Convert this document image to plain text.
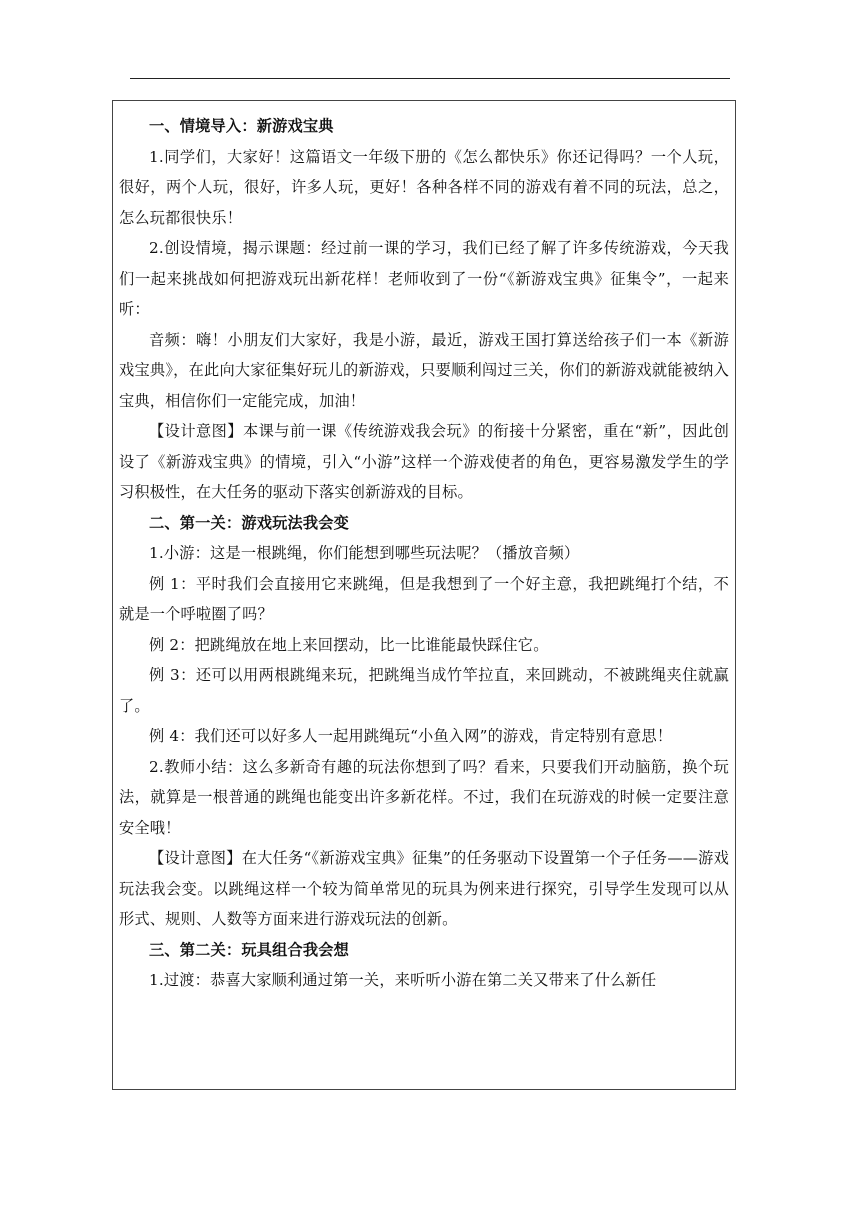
一、情境导入：新游戏宝典

1.同学们，大家好！这篇语文一年级下册的《怎么都快乐》你还记得吗？一个人玩，很好，两个人玩，很好，许多人玩，更好！各种各样不同的游戏有着不同的玩法，总之，怎么玩都很快乐！

2.创设情境，揭示课题：经过前一课的学习，我们已经了解了许多传统游戏，今天我们一起来挑战如何把游戏玩出新花样！老师收到了一份“《新游戏宝典》征集令”，一起来听：

音频：嗨！小朋友们大家好，我是小游，最近，游戏王国打算送给孩子们一本《新游戏宝典》，在此向大家征集好玩儿的新游戏，只要顺利闯过三关，你们的新游戏就能被纳入宝典，相信你们一定能完成，加油！

【设计意图】本课与前一课《传统游戏我会玩》的衔接十分紧密，重在“新”，因此创设了《新游戏宝典》的情境，引入“小游”这样一个游戏使者的角色，更容易激发学生的学习积极性，在大任务的驱动下落实创新游戏的目标。

二、第一关：游戏玩法我会变

1.小游：这是一根跳绳，你们能想到哪些玩法呢？（播放音频）

例 1：平时我们会直接用它来跳绳，但是我想到了一个好主意，我把跳绳打个结，不就是一个呼啦圈了吗？

例 2：把跳绳放在地上来回摆动，比一比谁能最快踩住它。

例 3：还可以用两根跳绳来玩，把跳绳当成竹竿拉直，来回跳动，不被跳绳夹住就赢了。

例 4：我们还可以好多人一起用跳绳玩“小鱼入网”的游戏，肯定特别有意思！

2.教师小结：这么多新奇有趣的玩法你想到了吗？看来，只要我们开动脑筋，换个玩法，就算是一根普通的跳绳也能变出许多新花样。不过，我们在玩游戏的时候一定要注意安全哦！

【设计意图】在大任务“《新游戏宝典》征集”的任务驱动下设置第一个子任务——游戏玩法我会变。以跳绳这样一个较为简单常见的玩具为例来进行探究，引导学生发现可以从形式、规则、人数等方面来进行游戏玩法的创新。

三、第二关：玩具组合我会想

1.过渡：恭喜大家顺利通过第一关，来听听小游在第二关又带来了什么新任
